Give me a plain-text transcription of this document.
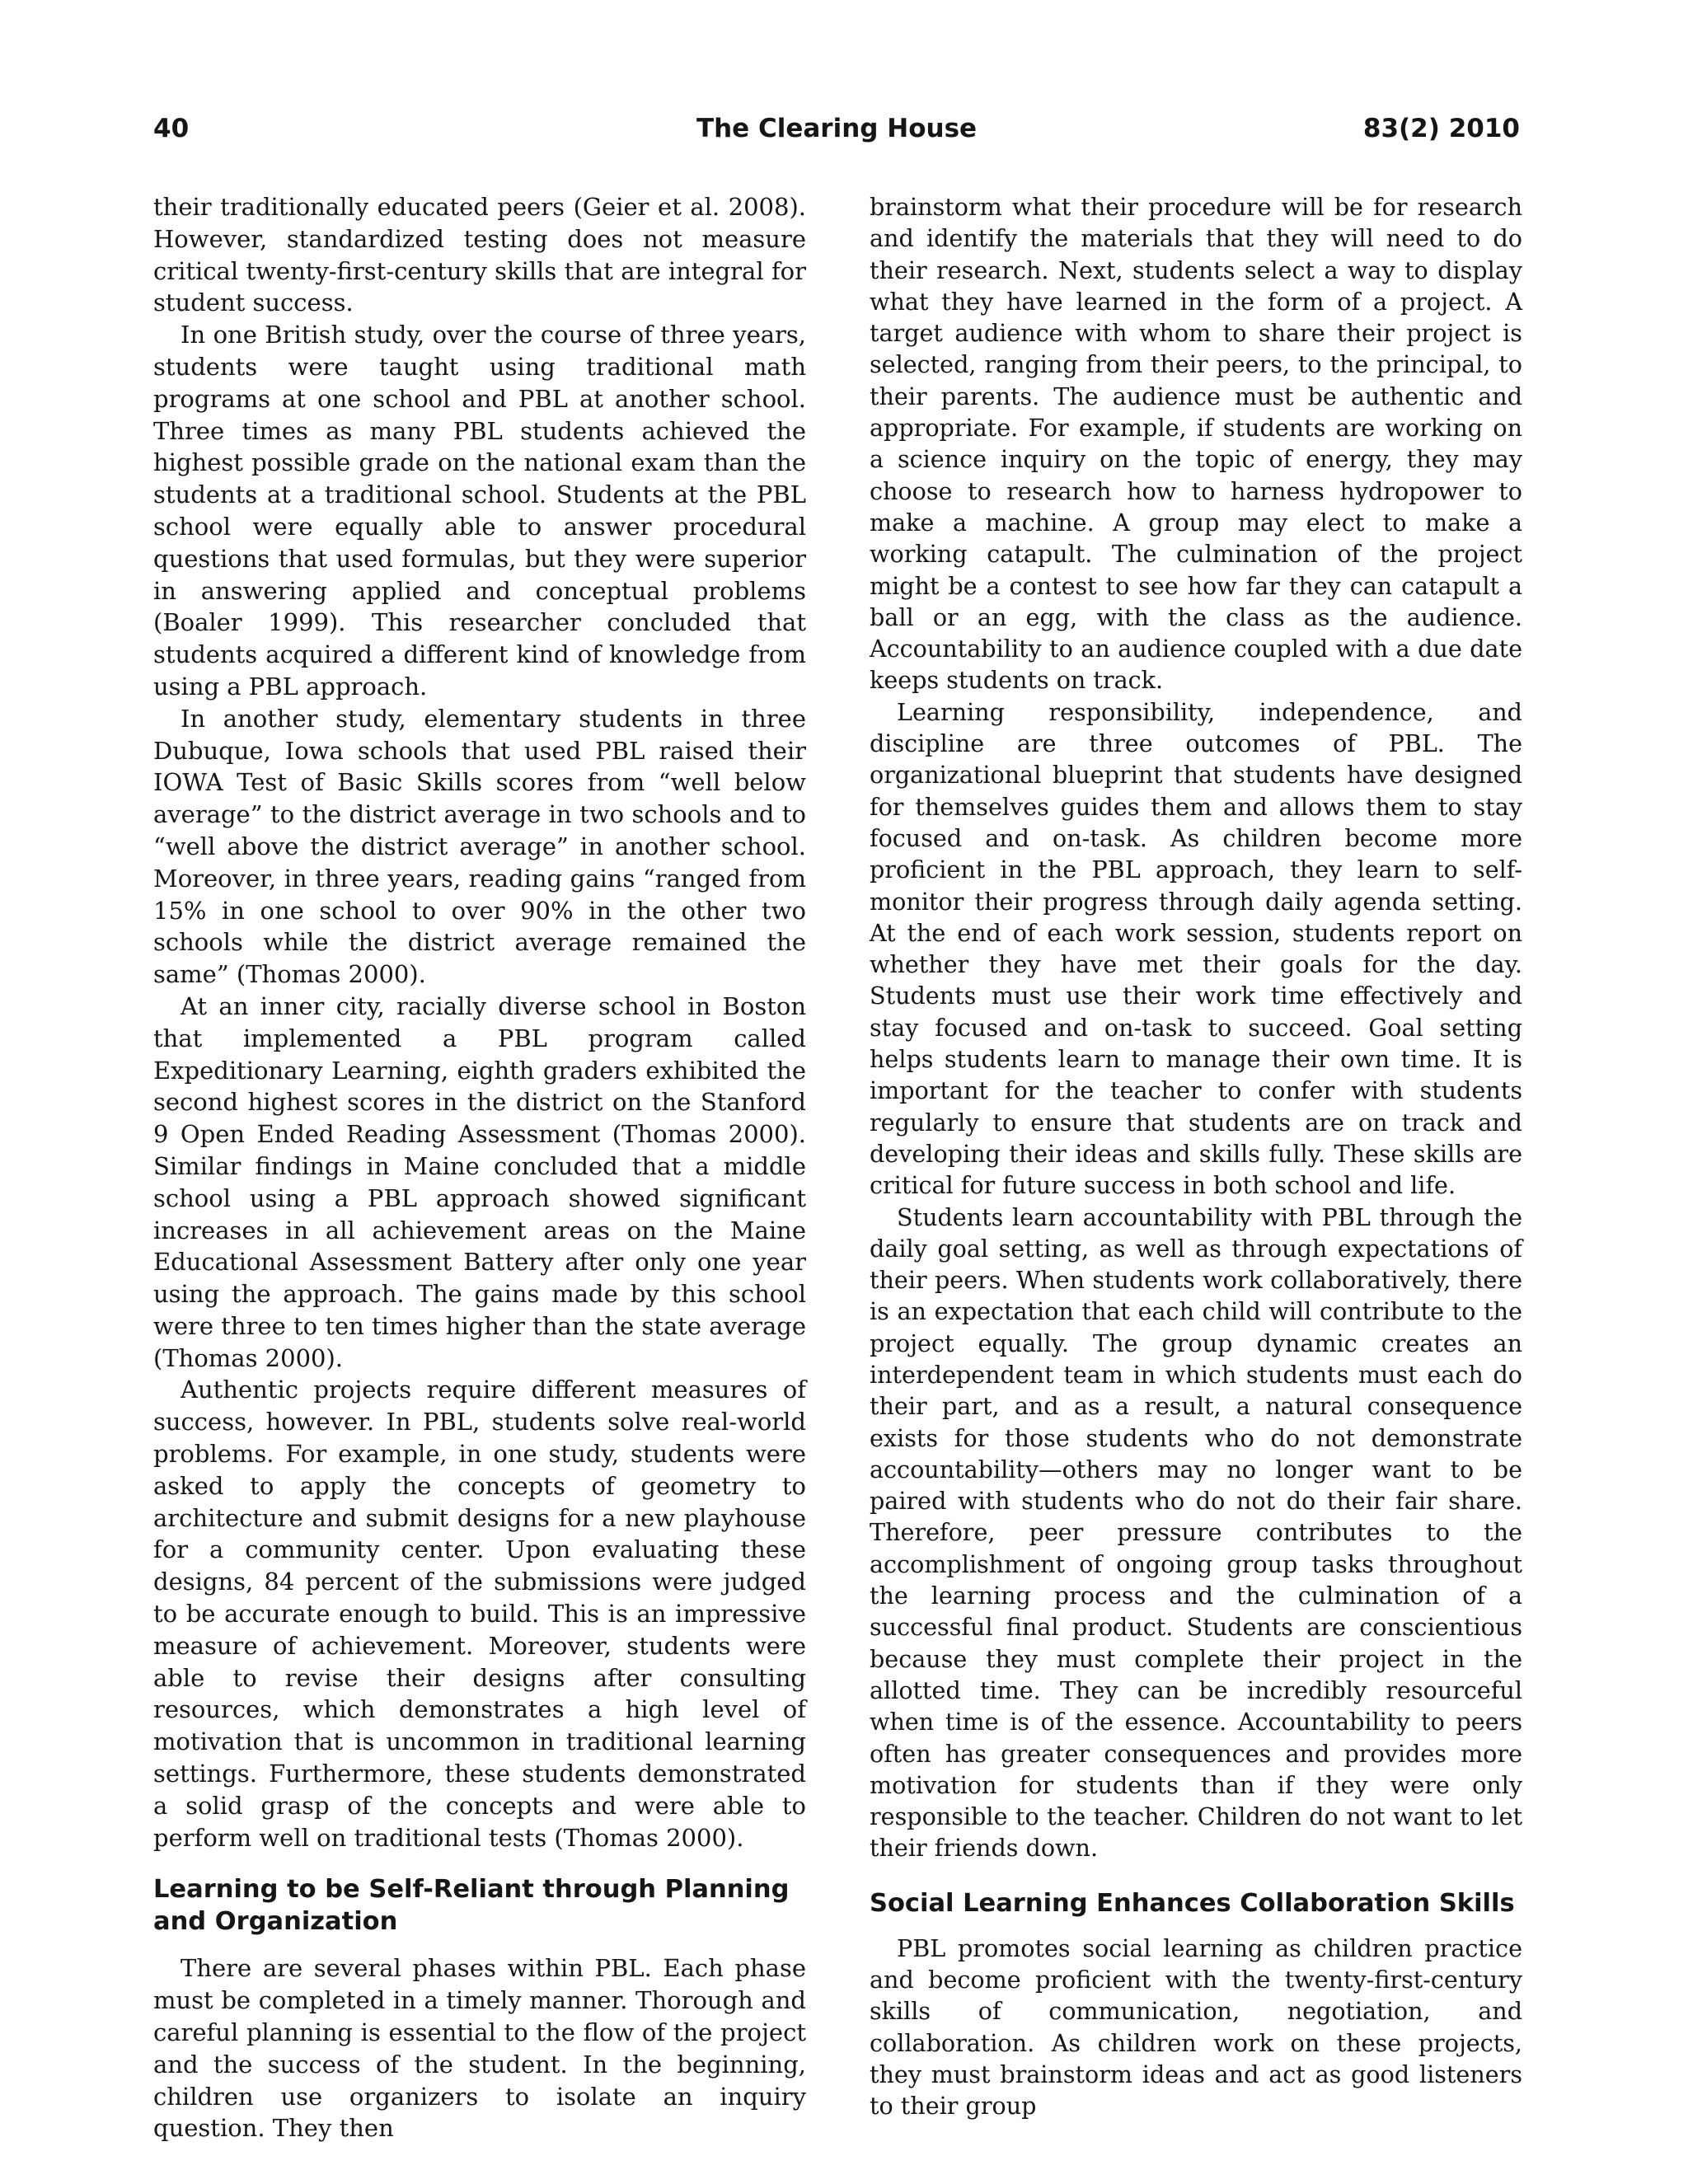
The Clearing House
40	83(2) 2010

their traditionally educated peers (Geier et al. 2008). However, standardized testing does not measure critical twenty-first-century skills that are integral for student success.

In one British study, over the course of three years, students were taught using traditional math programs at one school and PBL at another school. Three times as many PBL students achieved the highest possible grade on the national exam than the students at a traditional school. Students at the PBL school were equally able to answer procedural questions that used formulas, but they were superior in answering applied and conceptual problems (Boaler 1999). This researcher concluded that students acquired a different kind of knowledge from using a PBL approach.

In another study, elementary students in three Dubuque, Iowa schools that used PBL raised their IOWA Test of Basic Skills scores from “well below average” to the district average in two schools and to “well above the district average” in another school. Moreover, in three years, reading gains “ranged from 15% in one school to over 90% in the other two schools while the district average remained the same” (Thomas 2000).

At an inner city, racially diverse school in Boston that implemented a PBL program called Expeditionary Learning, eighth graders exhibited the second highest scores in the district on the Stanford 9 Open Ended Reading Assessment (Thomas 2000). Similar findings in Maine concluded that a middle school using a PBL approach showed significant increases in all achievement areas on the Maine Educational Assessment Battery after only one year using the approach. The gains made by this school were three to ten times higher than the state average (Thomas 2000).

Authentic projects require different measures of success, however. In PBL, students solve real-world problems. For example, in one study, students were asked to apply the concepts of geometry to architecture and submit designs for a new playhouse for a community center. Upon evaluating these designs, 84 percent of the submissions were judged to be accurate enough to build. This is an impressive measure of achievement. Moreover, students were able to revise their designs after consulting resources, which demonstrates a high level of motivation that is uncommon in traditional learning settings. Furthermore, these students demonstrated a solid grasp of the concepts and were able to perform well on traditional tests (Thomas 2000).

Learning to be Self-Reliant through Planning and Organization

There are several phases within PBL. Each phase must be completed in a timely manner. Thorough and careful planning is essential to the flow of the project and the success of the student. In the beginning, children use organizers to isolate an inquiry question. They then

brainstorm what their procedure will be for research and identify the materials that they will need to do their research. Next, students select a way to display what they have learned in the form of a project. A target audience with whom to share their project is selected, ranging from their peers, to the principal, to their parents. The audience must be authentic and appropriate. For example, if students are working on a science inquiry on the topic of energy, they may choose to research how to harness hydropower to make a machine. A group may elect to make a working catapult. The culmination of the project might be a contest to see how far they can catapult a ball or an egg, with the class as the audience. Accountability to an audience coupled with a due date keeps students on track.

Learning responsibility, independence, and discipline are three outcomes of PBL. The organizational blueprint that students have designed for themselves guides them and allows them to stay focused and on-task. As children become more proficient in the PBL approach, they learn to self-monitor their progress through daily agenda setting. At the end of each work session, students report on whether they have met their goals for the day. Students must use their work time effectively and stay focused and on-task to succeed. Goal setting helps students learn to manage their own time. It is important for the teacher to confer with students regularly to ensure that students are on track and developing their ideas and skills fully. These skills are critical for future success in both school and life.

Students learn accountability with PBL through the daily goal setting, as well as through expectations of their peers. When students work collaboratively, there is an expectation that each child will contribute to the project equally. The group dynamic creates an interdependent team in which students must each do their part, and as a result, a natural consequence exists for those students who do not demonstrate accountability—others may no longer want to be paired with students who do not do their fair share. Therefore, peer pressure contributes to the accomplishment of ongoing group tasks throughout the learning process and the culmination of a successful final product. Students are conscientious because they must complete their project in the allotted time. They can be incredibly resourceful when time is of the essence. Accountability to peers often has greater consequences and provides more motivation for students than if they were only responsible to the teacher. Children do not want to let their friends down.

Social Learning Enhances Collaboration Skills

PBL promotes social learning as children practice and become proficient with the twenty-first-century skills of communication, negotiation, and collaboration. As children work on these projects, they must brainstorm ideas and act as good listeners to their group
